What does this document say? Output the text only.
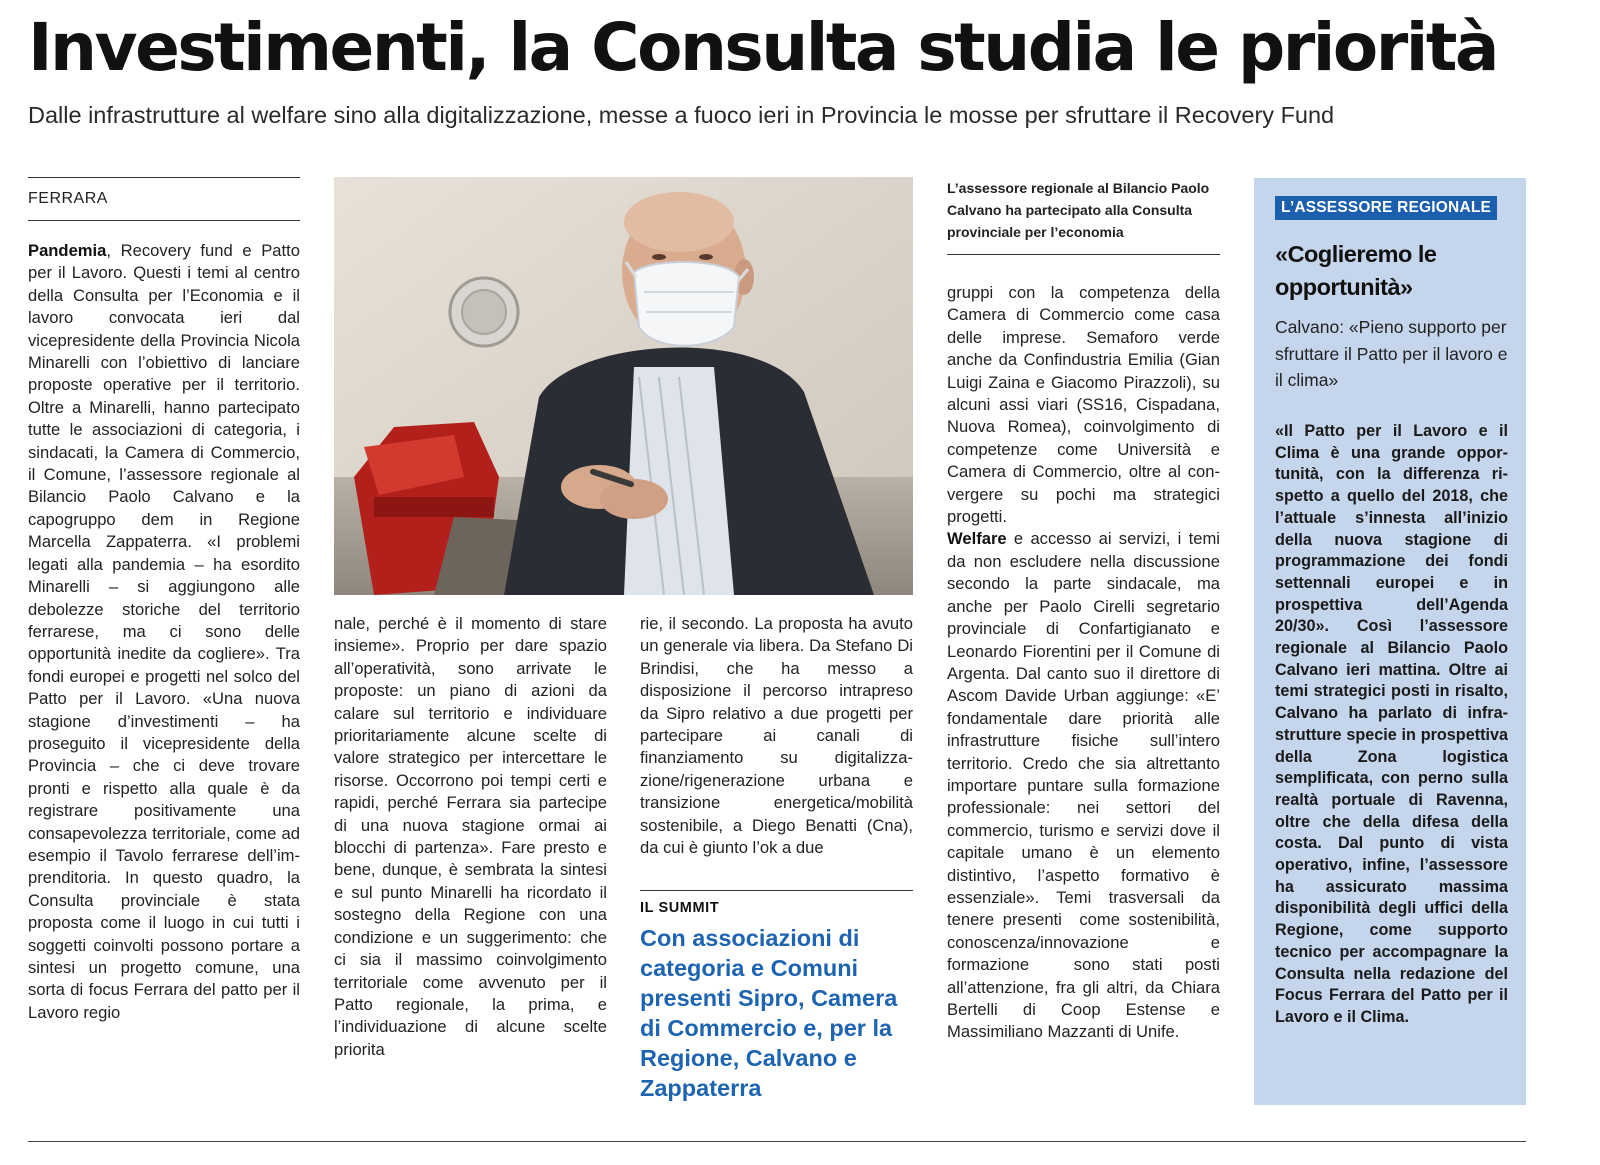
Investimenti, la Consulta studia le priorità

Dalle infrastrutture al welfare sino alla digitalizzazione, messe a fuoco ieri in Provincia le mosse per sfruttare il Recovery Fund

FERRARA

Pandemia, Recovery fund e Patto per il Lavoro. Questi i temi al centro della Consulta per l’Economia e il lavoro convocata ieri dal vicepresidente della Provincia Nicola Minarelli con l’obiettivo di lanciare proposte operative per il territorio. Oltre a Minarelli, hanno partecipato tutte le associazioni di categoria, i sindacati, la Camera di Commercio, il Comune, l’assessore regionale al Bilancio Paolo Calvano e la capogruppo dem in Regione Marcella Zappaterra. «I problemi legati alla pandemia – ha esordito Minarelli – si aggiungono alle debolezze storiche del territorio ferrarese, ma ci sono delle opportunità inedite da cogliere». Tra fondi europei e progetti nel solco del Patto per il Lavoro. «Una nuova stagione d’investimenti – ha proseguito il vicepresidente della Provincia – che ci deve trovare pronti e rispetto alla quale è da registrare positivamente una consapevolezza territoriale, come ad esempio il Tavolo ferrarese dell’imprenditoria. In questo quadro, la Consulta provinciale è stata proposta come il luogo in cui tutti i soggetti coinvolti possono portare a sintesi un progetto comune, una sorta di focus Ferrara del patto per il Lavoro regio

nale, perché è il momento di stare insieme». Proprio per dare spazio all’operatività, sono arrivate le proposte: un piano di azioni da calare sul territorio e individuare prioritariamente alcune scelte di valore strategico per intercettare le risorse. Occorrono poi tempi certi e rapidi, perché Ferrara sia partecipe di una nuova stagione ormai ai blocchi di partenza». Fare presto e bene, dunque, è sembrata la sintesi e sul punto Minarelli ha ricordato il sostegno della Regione con una condizione e un suggerimento: che ci sia il massimo coinvolgimento territoriale come avvenuto per il Patto regionale, la prima, e l’individuazione di alcune scelte priorita

rie, il secondo. La proposta ha avuto un generale via libera. Da Stefano Di Brindisi, che ha messo a disposizione il percorso intrapreso da Sipro relativo a due progetti per partecipare ai canali di finanziamento su digitalizzazione/rigenerazione urbana e transizione energetica/mobilità sostenibile, a Diego Benatti (Cna), da cui è giunto l’ok a due

IL SUMMIT

Con associazioni di categoria e Comuni presenti Sipro, Camera di Commercio e, per la Regione, Calvano e Zappaterra

L’assessore regionale al Bilancio Paolo Calvano ha partecipato alla Consulta provinciale per l’economia

gruppi con la competenza della Camera di Commercio come casa delle imprese. Semaforo verde anche da Confindustria Emilia (Gian Luigi Zaina e Giacomo Pirazzoli), su alcuni assi viari (SS16, Cispadana, Nuova Romea), coinvolgimento di competenze come Università e Camera di Commercio, oltre al convergere su pochi ma strategici progetti.

Welfare e accesso ai servizi, i temi da non escludere nella discussione secondo la parte sindacale, ma anche per Paolo Cirelli segretario provinciale di Confartigianato e Leonardo Fiorentini per il Comune di Argenta. Dal canto suo il direttore di Ascom Davide Urban aggiunge: «E’ fondamentale dare priorità alle infrastrutture fisiche sull’intero territorio. Credo che sia altrettanto importare puntare sulla formazione professionale: nei settori del commercio, turismo e servizi dove il capitale umano è un elemento distintivo, l’aspetto formativo è essenziale». Temi trasversali da tenere presenti come sostenibilità, conoscenza/innovazione e formazione sono stati posti all’attenzione, fra gli altri, da Chiara Bertelli di Coop Estense e Massimiliano Mazzanti di Unife.

L’ASSESSORE REGIONALE

«Coglieremo le opportunità»

Calvano: «Pieno supporto per sfruttare il Patto per il lavoro e il clima»

«Il Patto per il Lavoro e il Clima è una grande opportunità, con la differenza rispetto a quello del 2018, che l’attuale s’innesta all’inizio della nuova stagione di programmazione dei fondi settennali europei e in prospettiva dell’Agenda 20/30». Così l’assessore regionale al Bilancio Paolo Calvano ieri mattina. Oltre ai temi strategici posti in risalto, Calvano ha parlato di infrastrutture specie in prospettiva della Zona logistica semplificata, con perno sulla realtà portuale di Ravenna, oltre che della difesa della costa. Dal punto di vista operativo, infine, l’assessore ha assicurato massima disponibilità degli uffici della Regione, come supporto tecnico per accompagnare la Consulta nella redazione del Focus Ferrara del Patto per il Lavoro e il Clima.
